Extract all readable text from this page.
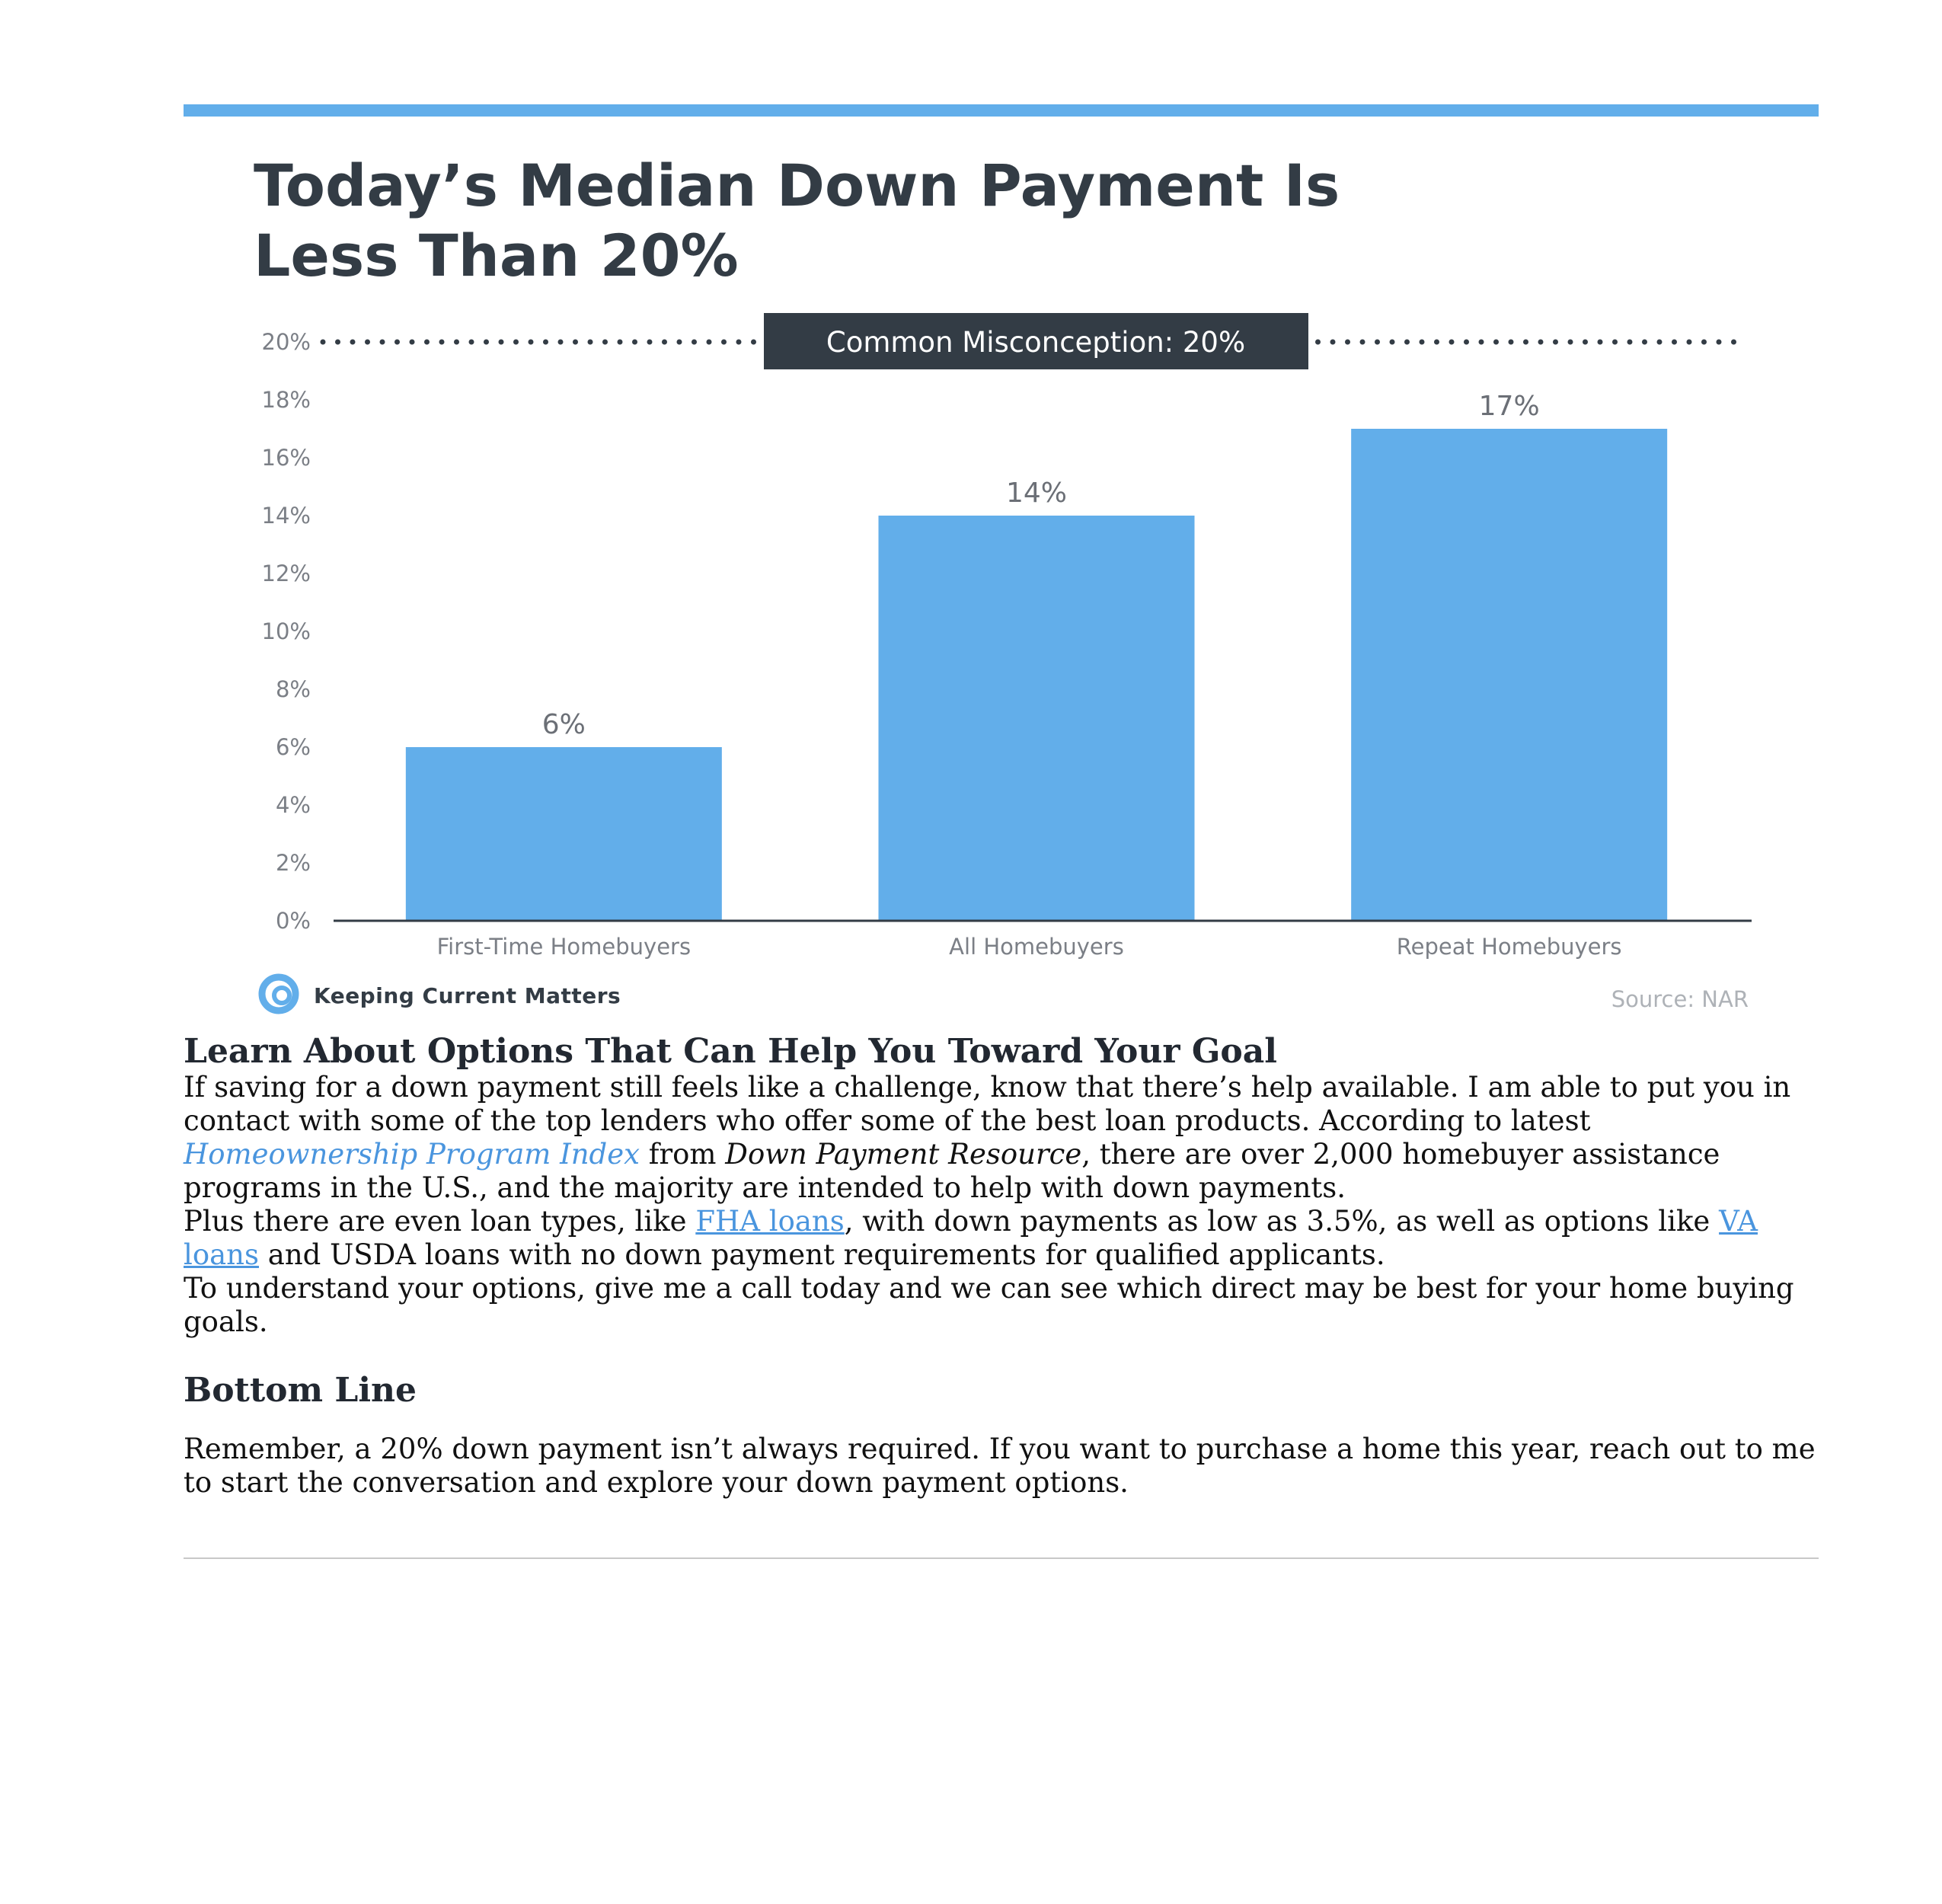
Today’s Median Down Payment Is
Less Than 20%
0%
2%
4%
6%
8%
10%
12%
14%
16%
18%
20%
6%
First-Time Homebuyers
14%
All Homebuyers
17%
Repeat Homebuyers
Common Misconception: 20%
Keeping Current Matters	Source: NAR
Learn About Options That Can Help You Toward Your Goal

If saving for a down payment still feels like a challenge, know that there’s help available. I am able to put you in contact with some of the top lenders who offer some of the best loan products. According to latest Homeownership Program Index from Down Payment Resource, there are over 2,000 homebuyer assistance programs in the U.S., and the majority are intended to help with down payments.

Plus there are even loan types, like FHA loans, with down payments as low as 3.5%, as well as options like VA loans and USDA loans with no down payment requirements for qualified applicants.

To understand your options, give me a call today and we can see which direct may be best for your home buying goals.

Bottom Line

Remember, a 20% down payment isn’t always required. If you want to purchase a home this year, reach out to me to start the conversation and explore your down payment options.
